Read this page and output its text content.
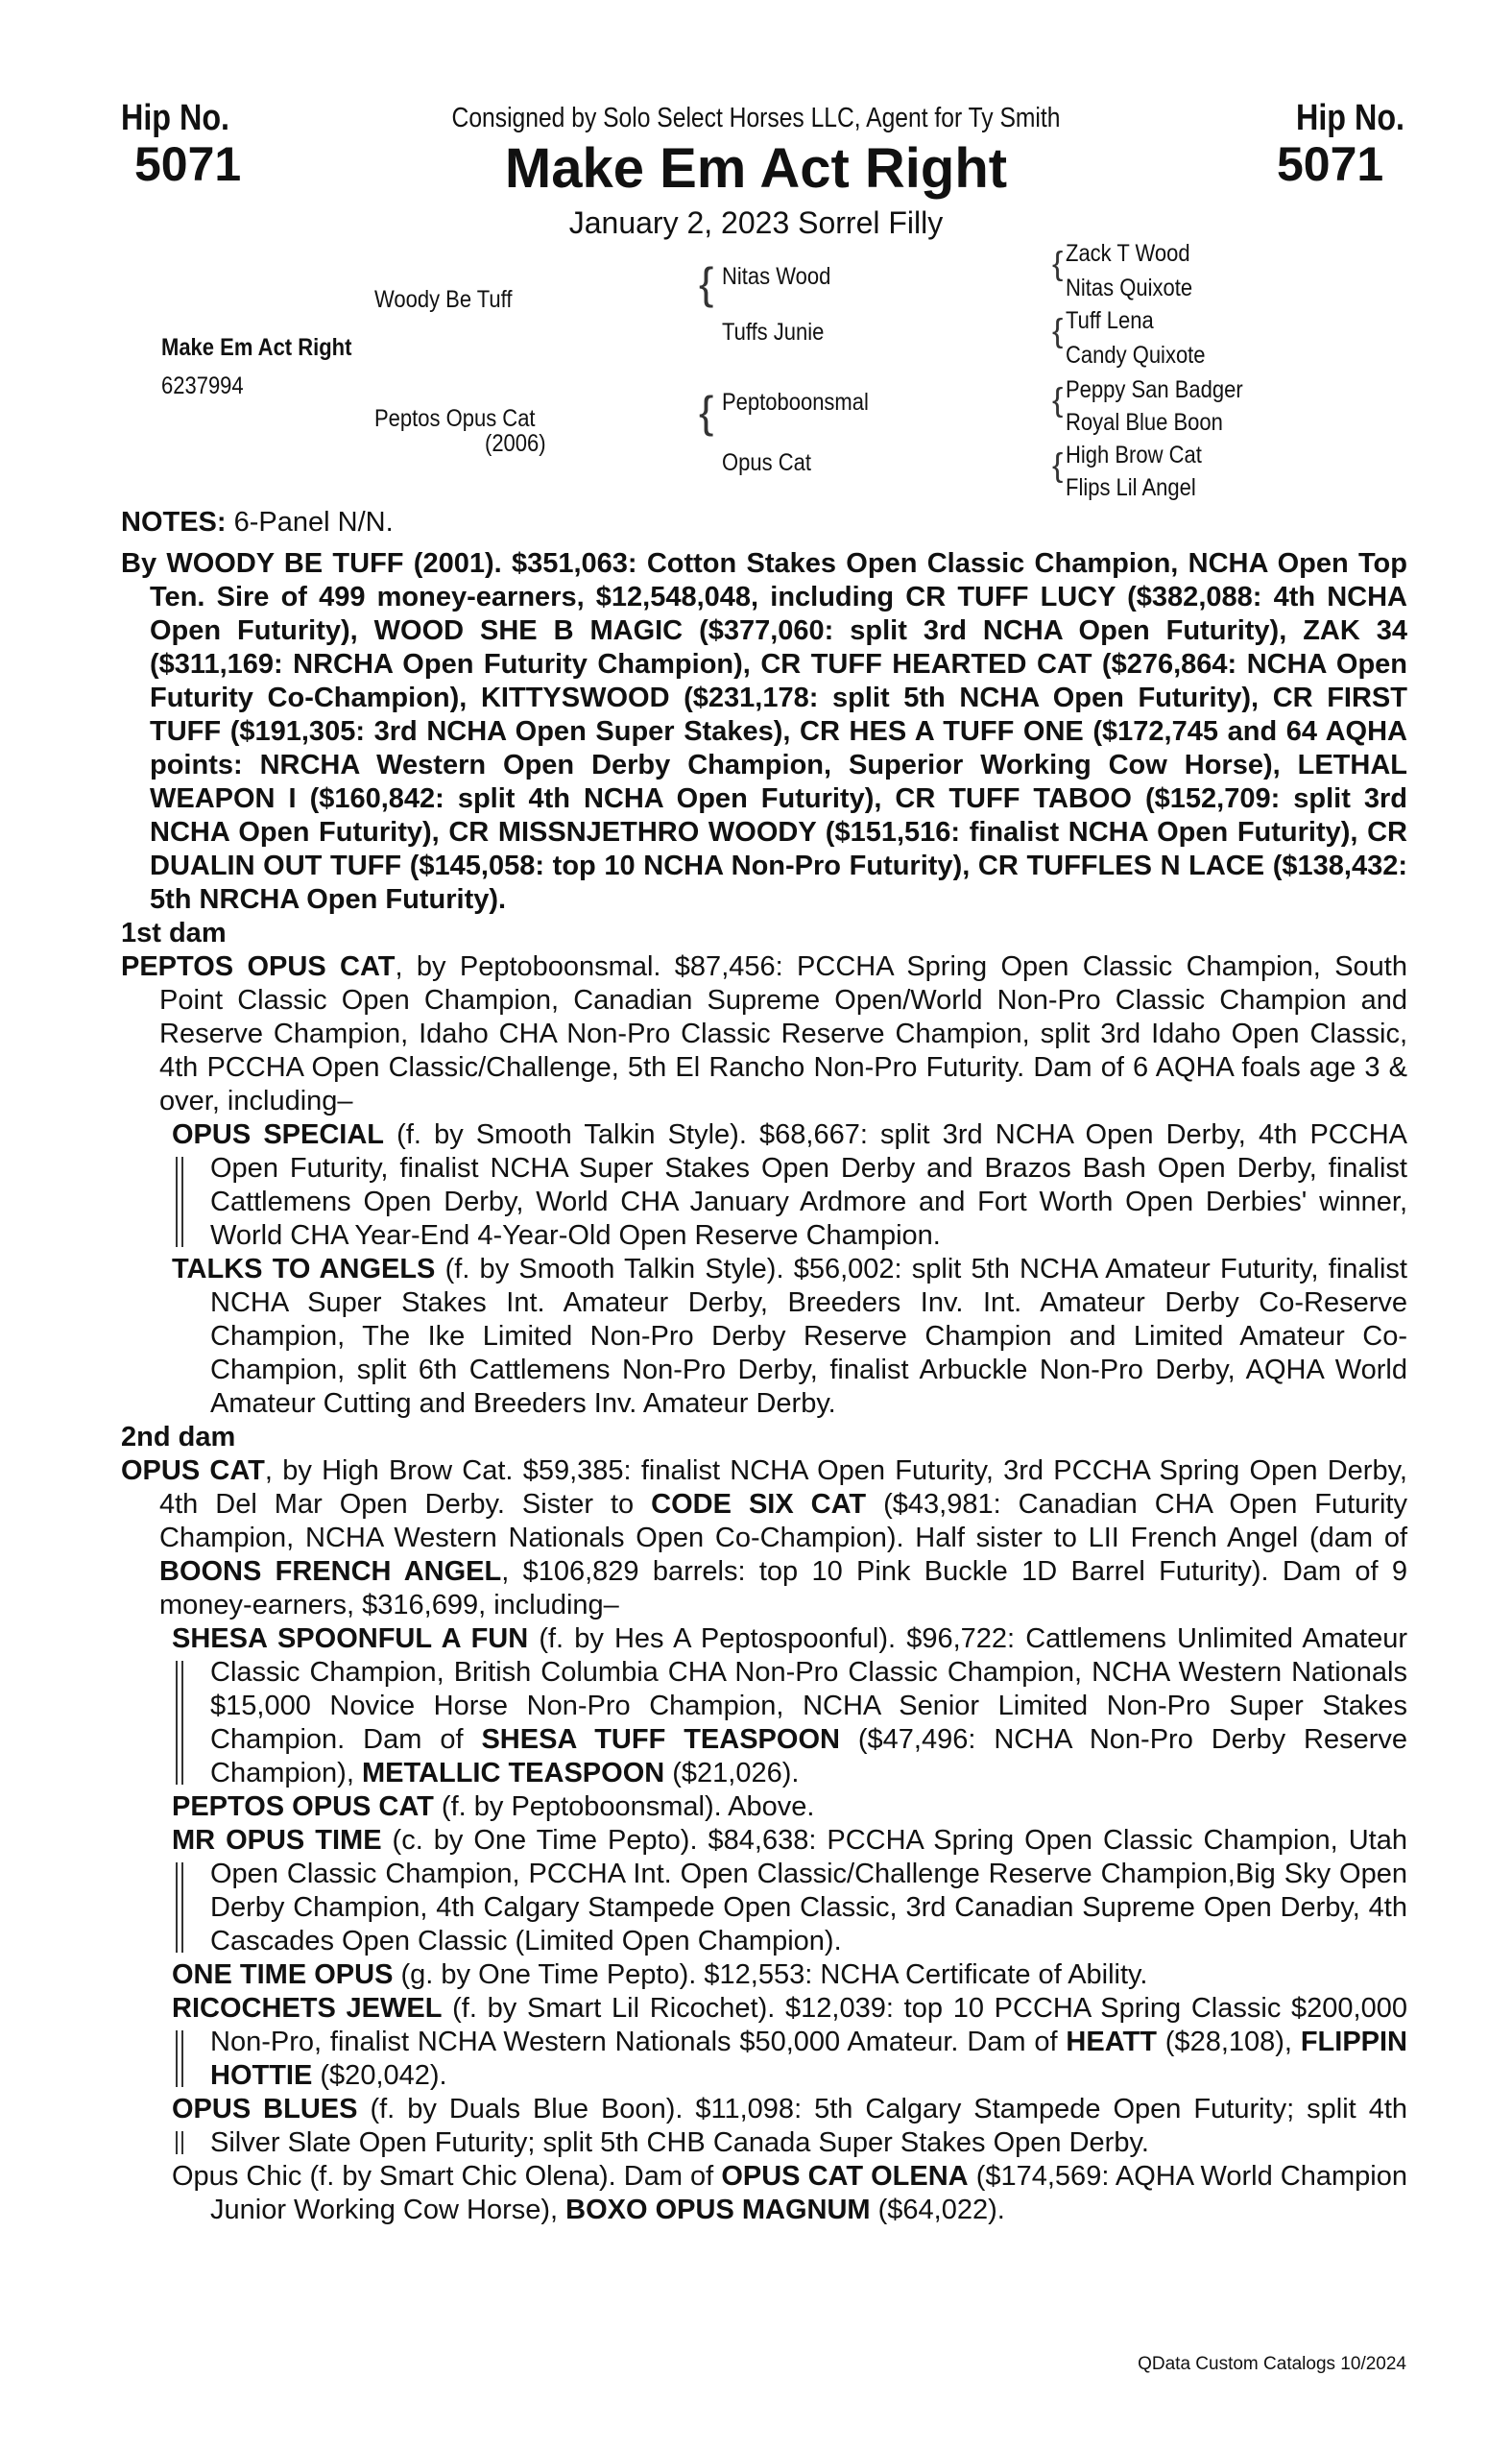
Hip No.
5071
Hip No.
5071
Consigned by Solo Select Horses LLC, Agent for Ty Smith
Make Em Act Right
January 2, 2023 Sorrel Filly
Woody Be Tuff
Make Em Act Right
6237994
Peptos Opus Cat
(2006)
{ Nitas Wood
Tuffs Junie
{ Peptoboonsmal
Opus Cat
{ Zack T Wood
Nitas Quixote
{ Tuff Lena
Candy Quixote
{ Peppy San Badger
Royal Blue Boon
{ High Brow Cat
Flips Lil Angel

NOTES: 6-Panel N/N.

By WOODY BE TUFF (2001). $351,063: Cotton Stakes Open Classic Champion, NCHA Open Top Ten. Sire of 499 money-earners, $12,548,048, including CR TUFF LUCY ($382,088: 4th NCHA Open Futurity), WOOD SHE B MAGIC ($377,060: split 3rd NCHA Open Futurity), ZAK 34 ($311,169: NRCHA Open Futurity Champion), CR TUFF HEARTED CAT ($276,864: NCHA Open Futurity Co-Champion), KITTYSWOOD ($231,178: split 5th NCHA Open Futurity), CR FIRST TUFF ($191,305: 3rd NCHA Open Super Stakes), CR HES A TUFF ONE ($172,745 and 64 AQHA points: NRCHA Western Open Derby Champion, Superior Working Cow Horse), LETHAL WEAPON I ($160,842: split 4th NCHA Open Futurity), CR TUFF TABOO ($152,709: split 3rd NCHA Open Futurity), CR MISSNJETHRO WOODY ($151,516: finalist NCHA Open Futurity), CR DUALIN OUT TUFF ($145,058: top 10 NCHA Non-Pro Futurity), CR TUFFLES N LACE ($138,432: 5th NRCHA Open Futurity).

1st dam

PEPTOS OPUS CAT, by Peptoboonsmal. $87,456: PCCHA Spring Open Classic Champion, South Point Classic Open Champion, Canadian Supreme Open/World Non-Pro Classic Champion and Reserve Champion, Idaho CHA Non-Pro Classic Reserve Champion, split 3rd Idaho Open Classic, 4th PCCHA Open Classic/Challenge, 5th El Rancho Non-Pro Futurity. Dam of 6 AQHA foals age 3 & over, including–

OPUS SPECIAL (f. by Smooth Talkin Style). $68,667: split 3rd NCHA Open Derby, 4th PCCHA Open Futurity, finalist NCHA Super Stakes Open Derby and Brazos Bash Open Derby, finalist Cattlemens Open Derby, World CHA January Ardmore and Fort Worth Open Derbies' winner, World CHA Year-End 4-Year-Old Open Reserve Champion.

TALKS TO ANGELS (f. by Smooth Talkin Style). $56,002: split 5th NCHA Amateur Futurity, finalist NCHA Super Stakes Int. Amateur Derby, Breeders Inv. Int. Amateur Derby Co-Reserve Champion, The Ike Limited Non-Pro Derby Reserve Champion and Limited Amateur Co-Champion, split 6th Cattlemens Non-Pro Derby, finalist Arbuckle Non-Pro Derby, AQHA World Amateur Cutting and Breeders Inv. Amateur Derby.

2nd dam

OPUS CAT, by High Brow Cat. $59,385: finalist NCHA Open Futurity, 3rd PCCHA Spring Open Derby, 4th Del Mar Open Derby. Sister to CODE SIX CAT ($43,981: Canadian CHA Open Futurity Champion, NCHA Western Nationals Open Co-Champion). Half sister to LII French Angel (dam of BOONS FRENCH ANGEL, $106,829 barrels: top 10 Pink Buckle 1D Barrel Futurity). Dam of 9 money-earners, $316,699, including–

SHESA SPOONFUL A FUN (f. by Hes A Peptospoonful). $96,722: Cattlemens Unlimited Amateur Classic Champion, British Columbia CHA Non-Pro Classic Champion, NCHA Western Nationals $15,000 Novice Horse Non-Pro Champion, NCHA Senior Limited Non-Pro Super Stakes Champion. Dam of SHESA TUFF TEASPOON ($47,496: NCHA Non-Pro Derby Reserve Champion), METALLIC TEASPOON ($21,026).

PEPTOS OPUS CAT (f. by Peptoboonsmal). Above.

MR OPUS TIME (c. by One Time Pepto). $84,638: PCCHA Spring Open Classic Champion, Utah Open Classic Champion, PCCHA Int. Open Classic/Challenge Reserve Champion,Big Sky Open Derby Champion, 4th Calgary Stampede Open Classic, 3rd Canadian Supreme Open Derby, 4th Cascades Open Classic (Limited Open Champion).

ONE TIME OPUS (g. by One Time Pepto). $12,553: NCHA Certificate of Ability.

RICOCHETS JEWEL (f. by Smart Lil Ricochet). $12,039: top 10 PCCHA Spring Classic $200,000 Non-Pro, finalist NCHA Western Nationals $50,000 Amateur. Dam of HEATT ($28,108), FLIPPIN HOTTIE ($20,042).

OPUS BLUES (f. by Duals Blue Boon). $11,098: 5th Calgary Stampede Open Futurity; split 4th Silver Slate Open Futurity; split 5th CHB Canada Super Stakes Open Derby.

Opus Chic (f. by Smart Chic Olena). Dam of OPUS CAT OLENA ($174,569: AQHA World Champion Junior Working Cow Horse), BOXO OPUS MAGNUM ($64,022).

QData Custom Catalogs 10/2024
